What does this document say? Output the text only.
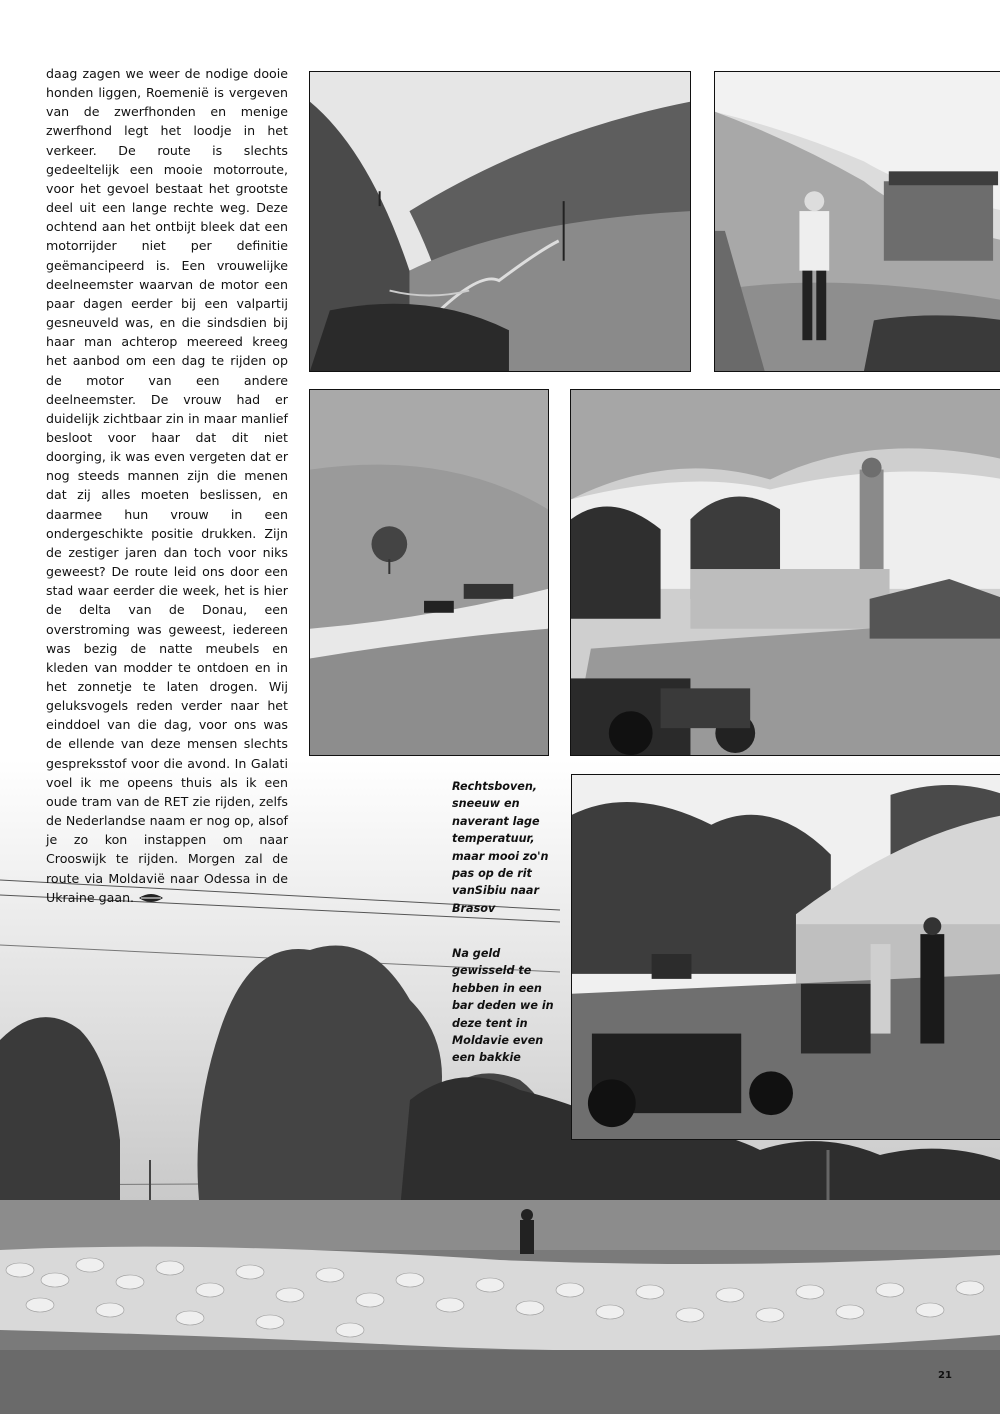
daag zagen we weer de nodige dooie honden liggen, Roemenië is vergeven van de zwerfhonden en menige zwerfhond legt het loodje in het verkeer. De route is slechts gedeeltelijk een mooie motorroute, voor het gevoel bestaat het grootste deel uit een lange rechte weg. Deze ochtend aan het ontbijt bleek dat een motorrijder niet per definitie geëmancipeerd is. Een vrouwelijke deelneemster waarvan de motor een paar dagen eerder bij een valpartij gesneuveld was, en die sindsdien bij haar man achterop meereed kreeg het aanbod om een dag te rijden op de motor van een andere deelneemster. De vrouw had er duidelijk zichtbaar zin in maar manlief besloot voor haar dat dit niet doorging, ik was even vergeten dat er nog steeds mannen zijn die menen dat zij alles moeten beslissen, en daarmee hun vrouw in een ondergeschikte positie drukken. Zijn de zestiger jaren dan toch voor niks geweest? De route leid ons door een stad waar eerder die week, het is hier de delta van de Donau, een overstroming was geweest, iedereen was bezig de natte meubels en kleden van modder te ontdoen en in het zonnetje te laten drogen. Wij geluksvogels reden verder naar het einddoel van die dag, voor ons was de ellende van deze mensen slechts gespreksstof voor die avond. In Galati voel ik me opeens thuis als ik een oude tram van de RET zie rijden, zelfs de Nederlandse naam er nog op, alsof je zo kon instappen om naar Crooswijk te rijden. Morgen zal de route via Moldavië naar Odessa in de Ukraine gaan.

Rechtsboven, sneeuw en naverant lage temperatuur, maar mooi zo'n pas op de rit vanSibiu naar Brasov
Na geld gewisseld te hebben in een bar deden we in deze tent in Moldavie even een bakkie
21
